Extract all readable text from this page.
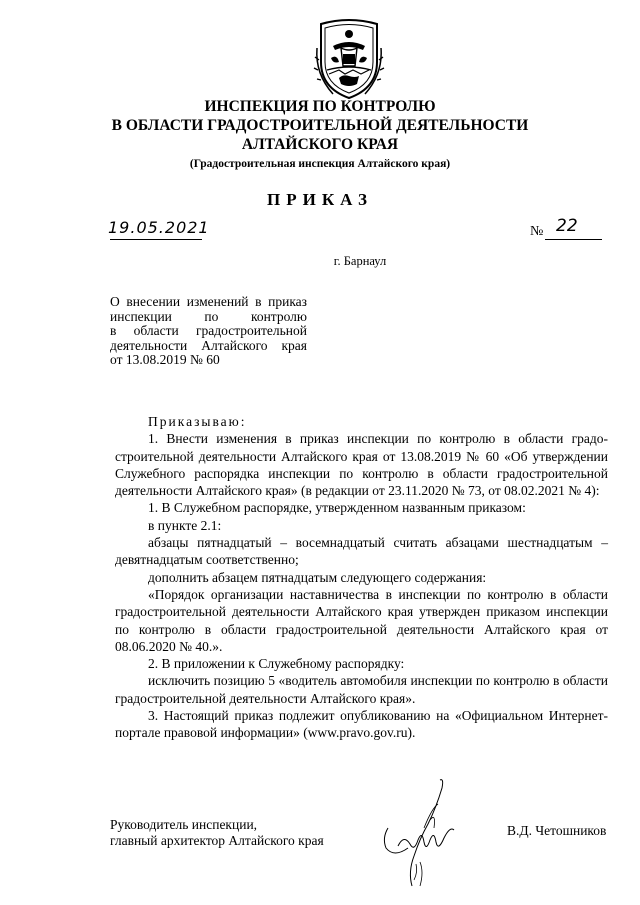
ИНСПЕКЦИЯ ПО КОНТРОЛЮ
В ОБЛАСТИ ГРАДОСТРОИТЕЛЬНОЙ ДЕЯТЕЛЬНОСТИ
АЛТАЙСКОГО КРАЯ
(Градостроительная инспекция Алтайского края)
ПРИКАЗ
19.05.2021	№ 22
г. Барнаул
О внесении изменений в приказ
инспекции по контролю
в области градостроительной
деятельности Алтайского края
от 13.08.2019 № 60
Приказываю:

1. Внести изменения в приказ инспекции по контролю в области градо-строительной деятельности Алтайского края от 13.08.2019 № 60 «Об утверждении Служебного распорядка инспекции по контролю в области градостроительной деятельности Алтайского края» (в редакции от 23.11.2020 № 73, от 08.02.2021 № 4):

1. В Служебном распорядке, утвержденном названным приказом:

в пункте 2.1:

абзацы пятнадцатый – восемнадцатый считать абзацами шестнадцатым – девятнадцатым соответственно;

дополнить абзацем пятнадцатым следующего содержания:

«Порядок организации наставничества в инспекции по контролю в области градостроительной деятельности Алтайского края утвержден приказом инспекции по контролю в области градостроительной деятельности Алтайского края от 08.06.2020 № 40.».

2. В приложении к Служебному распорядку:

исключить позицию 5 «водитель автомобиля инспекции по контролю в области градостроительной деятельности Алтайского края».

3. Настоящий приказ подлежит опубликованию на «Официальном Интернет-портале правовой информации» (www.pravo.gov.ru).

Руководитель инспекции,
главный архитектор Алтайского края
В.Д. Четошников
